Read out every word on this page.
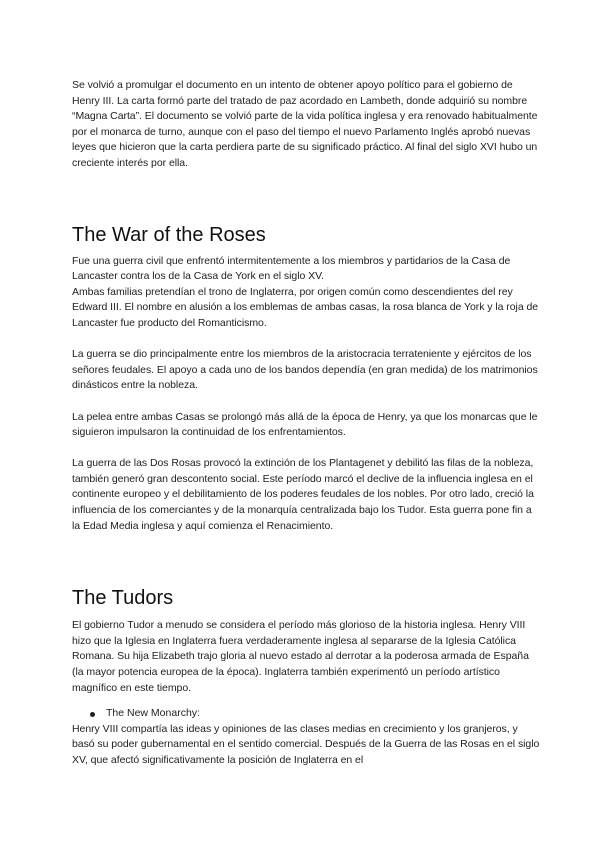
Se volvió a promulgar el documento en un intento de obtener apoyo político para el gobierno de Henry III. La carta formó parte del tratado de paz acordado en Lambeth, donde adquirió su nombre “Magna Carta”. El documento se volvió parte de la vida política inglesa y era renovado habitualmente por el monarca de turno, aunque con el paso del tiempo el nuevo Parlamento Inglés aprobó nuevas leyes que hicieron que la carta perdiera parte de su significado práctico. Al final del siglo XVI hubo un creciente interés por ella.

The War of the Roses

Fue una guerra civil que enfrentó intermitentemente a los miembros y partidarios de la Casa de Lancaster contra los de la Casa de York en el siglo XV.

Ambas familias pretendían el trono de Inglaterra, por origen común como descendientes del rey Edward III. El nombre en alusión a los emblemas de ambas casas, la rosa blanca de York y la roja de Lancaster fue producto del Romanticismo.

La guerra se dio principalmente entre los miembros de la aristocracia terrateniente y ejércitos de los señores feudales. El apoyo a cada uno de los bandos dependía (en gran medida) de los matrimonios dinásticos entre la nobleza.

La pelea entre ambas Casas se prolongó más allá de la época de Henry, ya que los monarcas que le siguieron impulsaron la continuidad de los enfrentamientos.

La guerra de las Dos Rosas provocó la extinción de los Plantagenet y debilitó las filas de la nobleza, también generó gran descontento social. Este período marcó el declive de la influencia inglesa en el continente europeo y el debilitamiento de los poderes feudales de los nobles. Por otro lado, creció la influencia de los comerciantes y de la monarquía centralizada bajo los Tudor. Esta guerra pone fin a la Edad Media inglesa y aquí comienza el Renacimiento.

The Tudors

El gobierno Tudor a menudo se considera el período más glorioso de la historia inglesa. Henry VIII hizo que la Iglesia en Inglaterra fuera verdaderamente inglesa al separarse de la Iglesia Católica Romana. Su hija Elizabeth trajo gloria al nuevo estado al derrotar a la poderosa armada de España (la mayor potencia europea de la época). Inglaterra también experimentó un período artístico magnífico en este tiempo.

The New Monarchy:

Henry VIII compartía las ideas y opiniones de las clases medias en crecimiento y los granjeros, y basó su poder gubernamental en el sentido comercial. Después de la Guerra de las Rosas en el siglo XV, que afectó significativamente la posición de Inglaterra en el
